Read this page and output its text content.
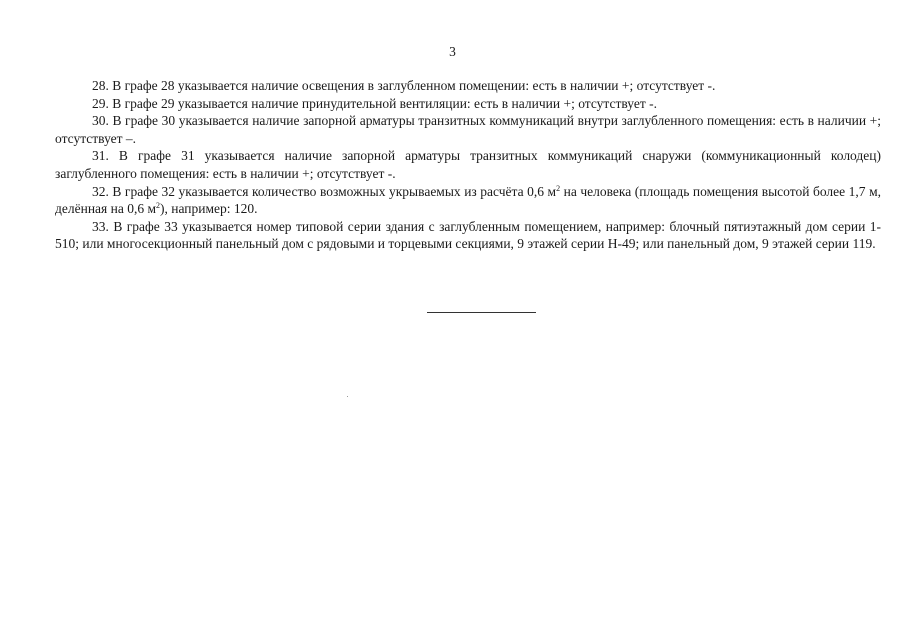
3

28. В графе 28 указывается наличие освещения в заглубленном помещении: есть в наличии +; отсутствует -.

29. В графе 29 указывается наличие принудительной вентиляции: есть в наличии +; отсутствует -.

30. В графе 30 указывается наличие запорной арматуры транзитных коммуникаций внутри заглубленного помещения: есть в наличии +; отсутствует –.

31. В графе 31 указывается наличие запорной арматуры транзитных коммуникаций снаружи (коммуникационный колодец) заглубленного помещения: есть в наличии +; отсутствует -.

32. В графе 32 указывается количество возможных укрываемых из расчёта 0,6 $м^2$ на человека (площадь помещения высотой более 1,7 м, делённая на 0,6 $м^2$), например: 120.

33. В графе 33 указывается номер типовой серии здания с заглубленным помещением, например: блочный пятиэтажный дом серии 1-510; или многосекционный панельный дом с рядовыми и торцевыми секциями, 9 этажей серии Н-49; или панельный дом, 9 этажей серии 119.
